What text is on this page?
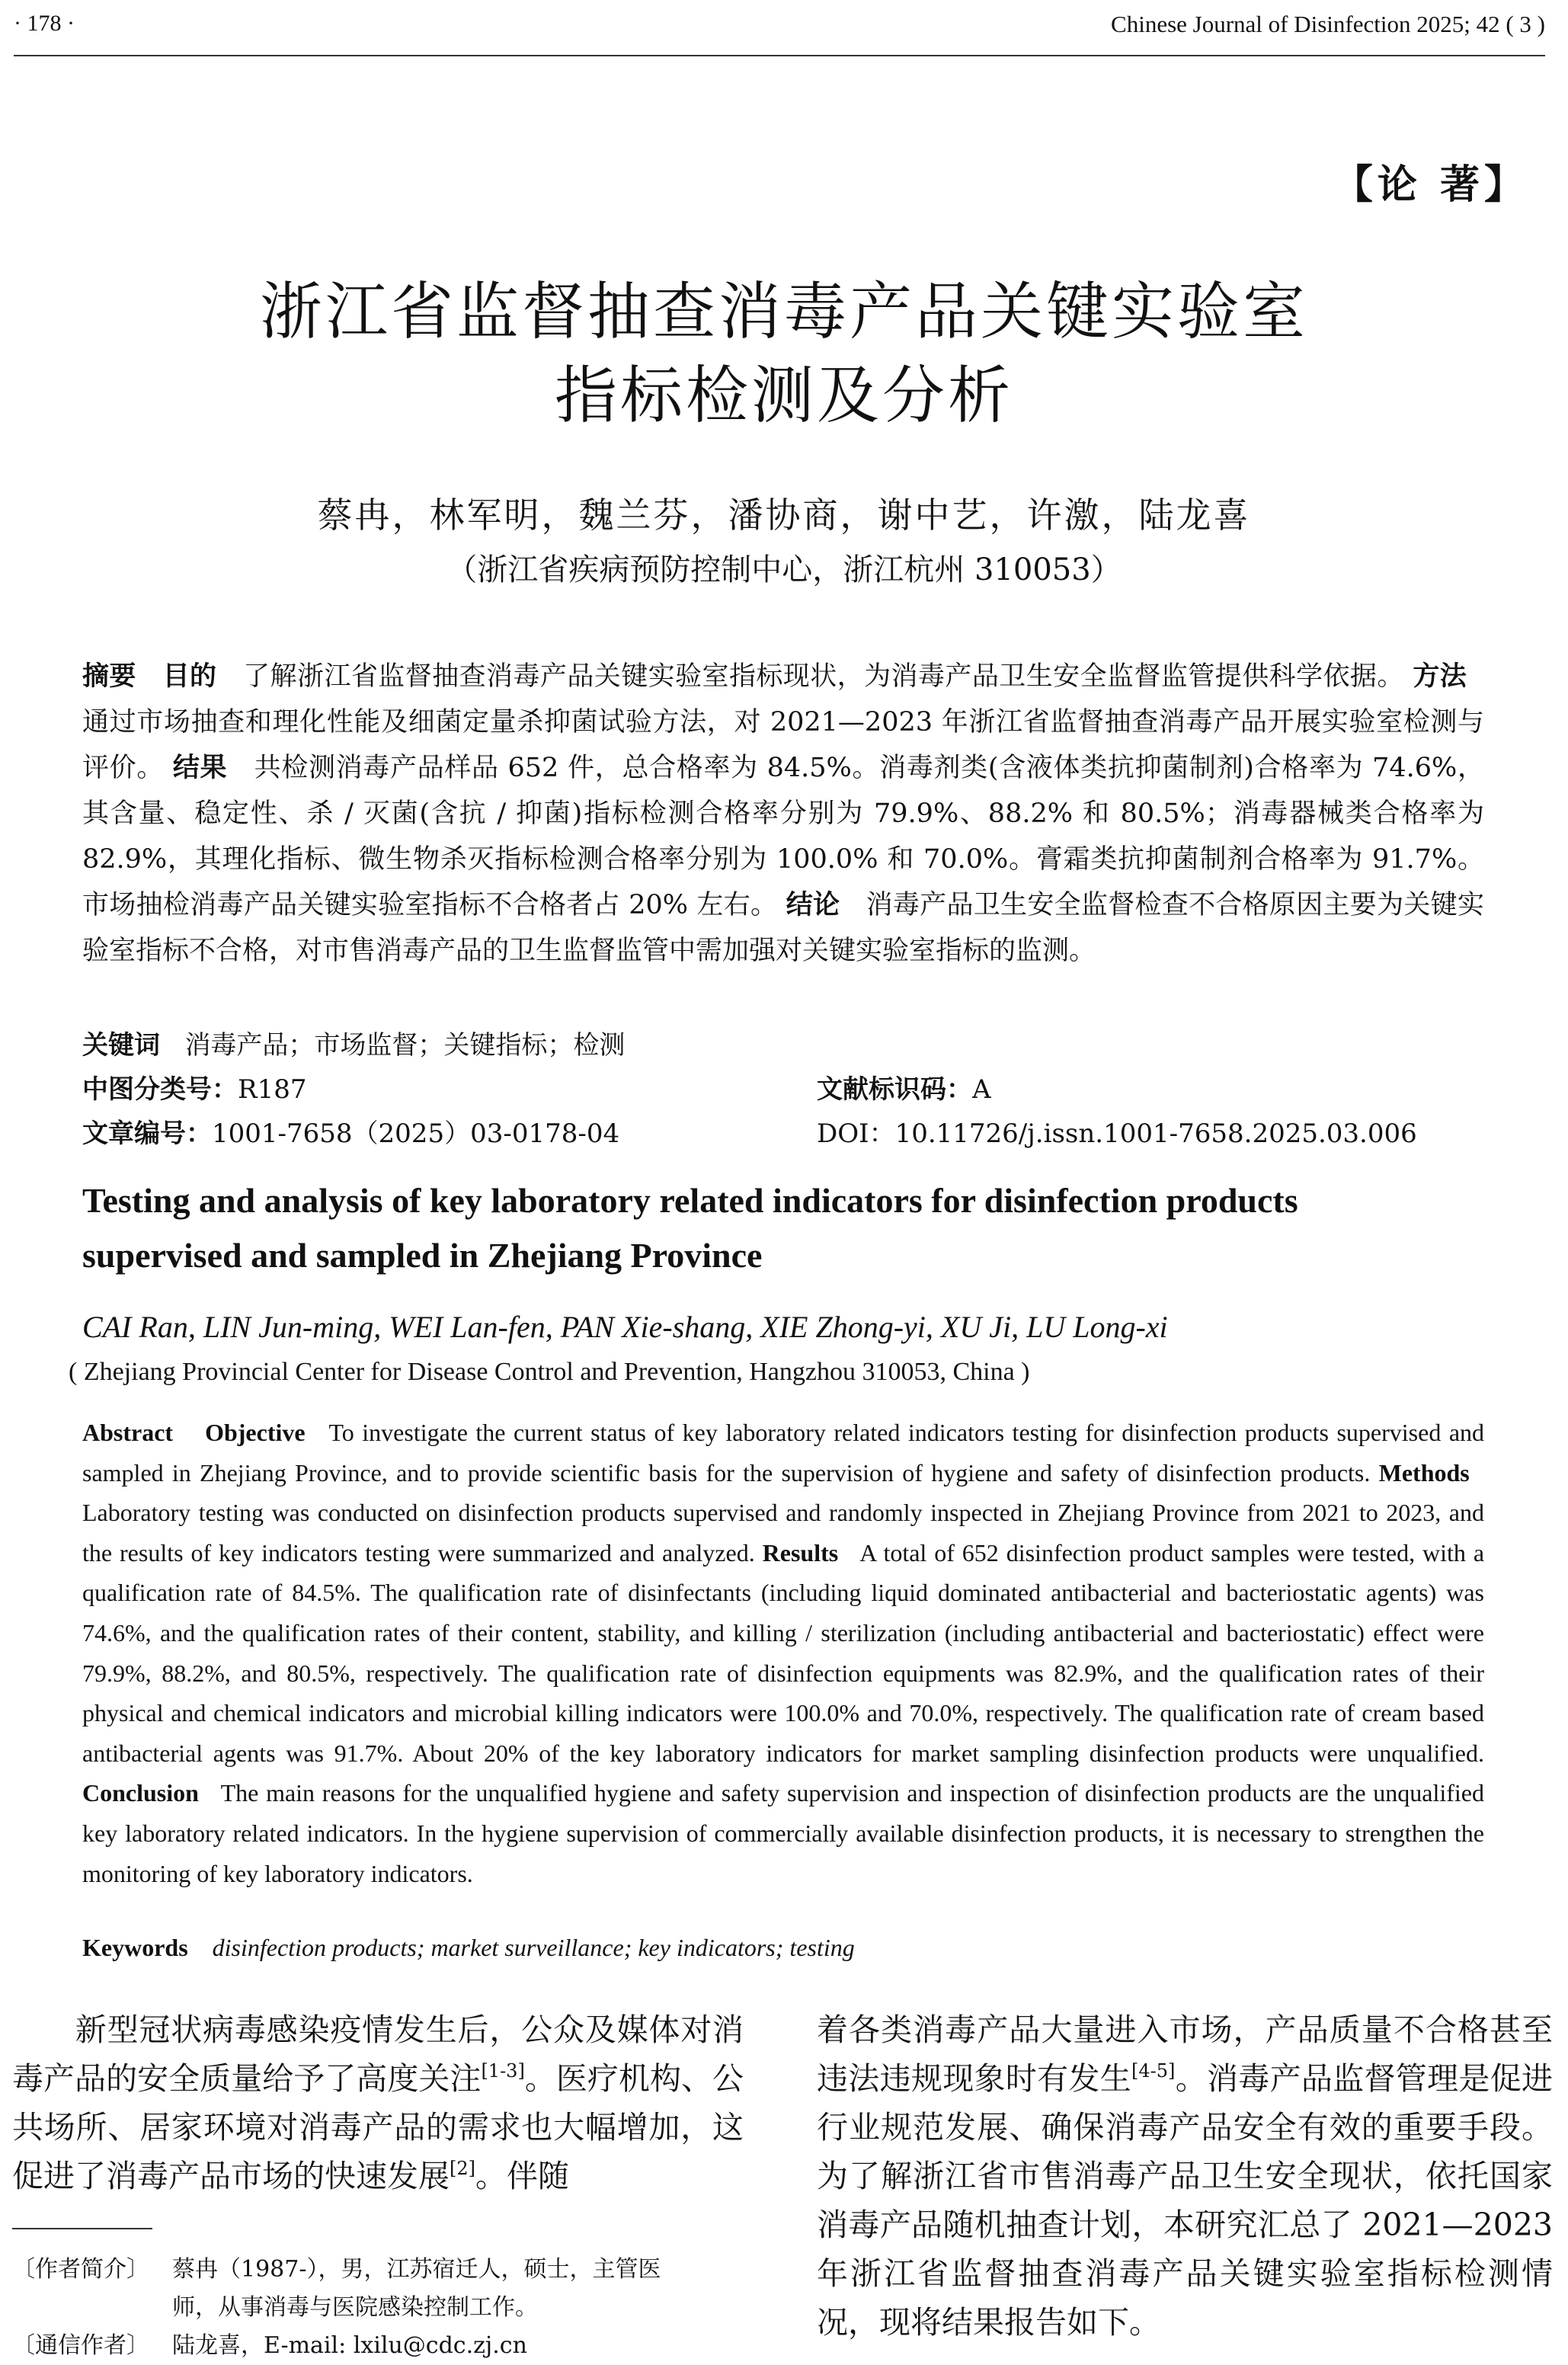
· 178 ·	Chinese Journal of Disinfection 2025; 42 ( 3 )
【论 著】
浙江省监督抽查消毒产品关键实验室
指标检测及分析
蔡冉，林军明，魏兰芬，潘协商，谢中艺，许激，陆龙喜
（浙江省疾病预防控制中心，浙江杭州 310053）
摘要 目的 了解浙江省监督抽查消毒产品关键实验室指标现状，为消毒产品卫生安全监督监管提供科学依据。 方法   通过市场抽查和理化性能及细菌定量杀抑菌试验方法，对 2021—2023 年浙江省监督抽查消毒产品开展实验室检测与评价。 结果 共检测消毒产品样品 652 件，总合格率为 84.5%。消毒剂类(含液体类抗抑菌制剂)合格率为 74.6%，其含量、稳定性、杀 / 灭菌(含抗 / 抑菌)指标检测合格率分别为 79.9%、88.2% 和 80.5%；消毒器械类合格率为 82.9%，其理化指标、微生物杀灭指标检测合格率分别为 100.0% 和 70.0%。膏霜类抗抑菌制剂合格率为 91.7%。市场抽检消毒产品关键实验室指标不合格者占 20% 左右。 结论 消毒产品卫生安全监督检查不合格原因主要为关键实验室指标不合格，对市售消毒产品的卫生监督监管中需加强对关键实验室指标的监测。
关键词 消毒产品；市场监督；关键指标；检测
中图分类号：R187	文献标识码：A
文章编号：1001-7658（2025）03-0178-04	DOI：10.11726/j.issn.1001-7658.2025.03.006
Testing and analysis of key laboratory related indicators for disinfection products
supervised and sampled in Zhejiang Province
CAI Ran, LIN Jun-ming, WEI Lan-fen, PAN Xie-shang, XIE Zhong-yi, XU Ji, LU Long-xi
( Zhejiang Provincial Center for Disease Control and Prevention, Hangzhou 310053, China )
Abstract Objective To investigate the current status of key laboratory related indicators testing for disinfection products supervised and sampled in Zhejiang Province, and to provide scientific basis for the supervision of hygiene and safety of disinfection products. Methods   Laboratory testing was conducted on disinfection products supervised and randomly inspected in Zhejiang Province from 2021 to 2023, and the results of key indicators testing were summarized and analyzed. Results A total of 652 disinfection product samples were tested, with a qualification rate of 84.5%. The qualification rate of disinfectants (including liquid dominated antibacterial and bacteriostatic agents) was 74.6%, and the qualification rates of their content, stability, and killing / sterilization (including antibacterial and bacteriostatic) effect were 79.9%, 88.2%, and 80.5%, respectively. The qualification rate of disinfection equipments was 82.9%, and the qualification rates of their physical and chemical indicators and microbial killing indicators were 100.0% and 70.0%, respectively. The qualification rate of cream based antibacterial agents was 91.7%. About 20% of the key laboratory indicators for market sampling disinfection products were unqualified. Conclusion The main reasons for the unqualified hygiene and safety supervision and inspection of disinfection products are the unqualified key laboratory related indicators. In the hygiene supervision of commercially available disinfection products, it is necessary to strengthen the monitoring of key laboratory indicators.
Keywords disinfection products; market surveillance; key indicators; testing
新型冠状病毒感染疫情发生后，公众及媒体对消毒产品的安全质量给予了高度关注[1-3]。医疗机构、公共场所、居家环境对消毒产品的需求也大幅增加，这促进了消毒产品市场的快速发展[2]。伴随
着各类消毒产品大量进入市场，产品质量不合格甚至违法违规现象时有发生[4-5]。消毒产品监督管理是促进行业规范发展、确保消毒产品安全有效的重要手段。为了解浙江省市售消毒产品卫生安全现状，依托国家消毒产品随机抽查计划，本研究汇总了 2021—2023 年浙江省监督抽查消毒产品关键实验室指标检测情况，现将结果报告如下。
〔作者简介〕 蔡冉（1987-），男，江苏宿迁人，硕士，主管医
师，从事消毒与医院感染控制工作。
〔通信作者〕 陆龙喜，E-mail: lxilu@cdc.zj.cn
